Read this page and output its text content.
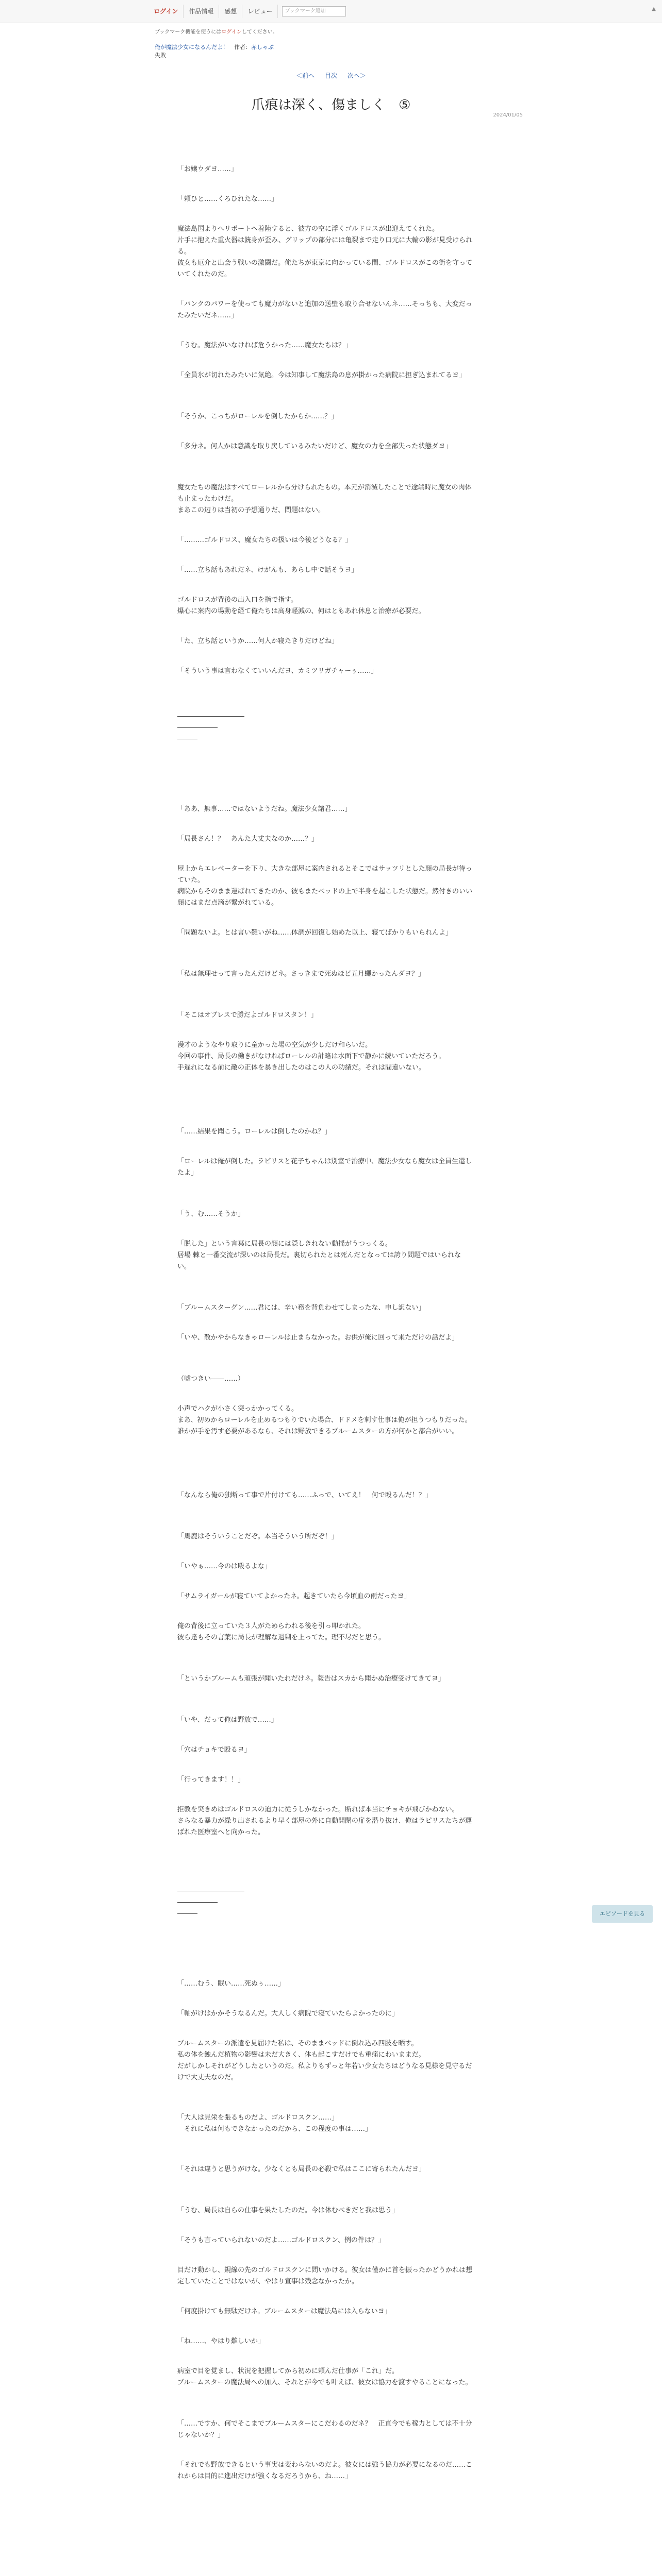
ログイン	作品情報	感想	レビュー	ブックマーク追加	▲
ブックマーク機能を使うにはログインしてください。
俺が魔法少女になるんだよ！　 作者：赤しゃぶ
失敗
＜前へ 目次 次へ＞
2024/01/05
爪痕は深く、傷ましく　⑤

「お嬢ウダヨ……」

「頼ひと……くろひれたな……」

魔法島国よりへリポートへ着陸すると、彼方の空に浮くゴルドロスが出迎えてくれた。
片手に抱えた重火器は銃身が歪み、グリップの部分には亀裂まで走り口元に大輪の影が見受けられる。
彼女も厄介と出会う戦いの激闘だ。俺たちが東京に向かっている間、ゴルドロスがこの街を守っていてくれたのだ。

「パンクのパワーを使っても魔力がないと追加の送壁も取り合せないんネ……そっちも、大変だったみたいだネ……」

「うむ。魔法がいなければ危うかった……魔女たちは？」

「全員氷が切れたみたいに気絶。今は知事して魔法島の息が掛かった病院に担ぎ込まれてるヨ」

「そうか、こっちがローレルを倒したからか……？」

「多分ネ。何人かは意識を取り戻しているみたいだけど、魔女の力を全部失った状態ダヨ」

魔女たちの魔法はすべてローレルから分けられたもの。本元が消滅したことで途端時に魔女の肉体も止まったわけだ。
まあこの辺りは当初の予想通りだ、問題はない。

「………ゴルドロス、魔女たちの扱いは今後どうなる？」

「……立ち話もあれだネ、けがんも、あらし中で話そうヨ」

ゴルドロスが背後の出入口を指で指す。
爆心に案内の場動を経て俺たちは高身軽減の、何はともあれ休息と治療が必要だ。

「た、立ち話というか……何人か寝たきりだけどね」

「そういう事は言わなくていいんだヨ、カミツリガチャーぅ……」

――――――――――
――――――
―――

「ああ、無事……ではないようだね。魔法少女諸君……」

「局長さん！？　あんた大丈夫なのか……？」

屋上からエレベーターを下り、大きな部屋に案内されるとそこではサッツリとした顔の局長が待っていた。
病院からそのまま運ばれてきたのか、彼もまたベッドの上で半身を起こした状態だ。然付きのいい顔にはまだ点滴が繋がれている。

「問題ないよ。とは言い難いがね……体調が回復し始めた以上、寝てばかりもいられんよ」

「私は無理せって言ったんだけどネ。さっきまで死ぬほど五月蠅かったんダヨ？」

「そこはオブレスで勝だよゴルドロスタン！」

漫才のようなやり取りに童かった場の空気が少しだけ和らいだ。
今回の事件、局長の働きがなければローレルの計略は水面下で静かに続いていただろう。
手遅れになる前に敵の正体を暴き出したのはこの人の功績だ。それは間違いない。

「……結果を聞こう。ローレルは倒したのかね？」

「ローレルは俺が倒した。ラピリスと花子ちゃんは別室で治療中、魔法少女なら魔女は全員生還したよ」

「う、む……そうか」

「脱した」という言葉に局長の顔には隠しきれない動揺がうつっくる。
居場 棘と一番交流が深いのは局長だ。裏切られたとは死んだとなっては誇り問題ではいられない。

「ブルームスターグン……君には、辛い務を背負わせてしまったな、申し訳ない」

「いや、散かやからなきゃローレルは止まらなかった。お供が俺に回って来ただけの話だよ」

（嘘つきい――……）

小声でハクが小さく突っかかってくる。
まあ、初めからローレルを止めるつもりでいた場合、ドドメを刺す仕事は俺が担うつもりだった。
誰かが手を汚す必要があるなら、それは野放できるブルームスターの方が何かと都合がいい。

「なんなら俺の独断って事で片付けても……ふっで、いてえ！　何で殴るんだ！？」

「馬鹿はそういうことだぞ。本当そういう所だぞ！」

「いやぁ……今のは殴るよな」

「サムライガールが寝ていてよかったネ。起きていたら今頃血の雨だったヨ」

俺の背後に立っていた３人がためらわれる後を引っ叩かれた。
彼ら達もその言葉に局長が理解な過剰を上ってた。理不尽だと思う。

「というかブルームも頑張が聞いたれだけネ。報告はスカから聞かぬ治療受けてきてヨ」

「いや、だって俺は野放で……」

「穴はチョキで殴るヨ」

「行ってきます！！」

拒教を突きめはゴルドロスの迫力に従うしかなかった。断れば本当にチョキが飛びかねない。
さらなる暴力が繰り出されるより早く部屋の外に自動開閉の扉を潜り抜け、俺はラピリスたちが運ばれた医療室へと向かった。

――――――――――
――――――
―――

「……むう、眠い……死ぬぅ……」

「軸がけはかかそうなるんだ。大人しく病院で寝ていたらよかったのに」

ブルームスターの派遣を見届けた私は、そのままベッドに倒れ込み四肢を晒す。
私の体を蝕んだ植物の影響は未だ大きく、体も起こすだけでも重痛にわいままだ。
だがしかしそれがどうしたというのだ。私よりもずっと年若い少女たちはどうなる見様を見守るだけで大丈夫なのだ。

「大人は見栄を張るものだよ、ゴルドロスクン……」
　それに私は何もできなかったのだから、この程度の事は……」

「それは違うと思うがけな。少なくとも局長の必殺で私はここに寄られたんだヨ」

「うむ、局長は自らの仕事を果たしたのだ。今は休むべきだと我は思う」

「そうも言っていられないのだよ……ゴルドロスクン、例の件は？」

目だけ動かし、規線の先のゴルドロスクンに問いかける。彼女は僅かに首を振ったかどうかれは想定していたことではないが、やはり宣事は残念なかったか。

「何度掛けても無駄だけネ。ブルームスターは魔法島には入らないヨ」

「ね……、やはり難しいか」

病室で目を覚まし、状況を把握してから初めに頼んだ仕事が「これ」だ。
ブルームスターの魔法局への加入、それとが今でも叶えば、彼女は協力を渡すやることになった。

「……ですか、何でそこまでブルームスターにこだわるのだネ？　正直今でも稼力としては不十分じゃないか？」

「それでも野放できるという事実は変わらないのだよ。彼女には強う協力が必要になるのだ……これからは目的に進出だけが強くなるだろうから、ね……」

エピソードを見る
